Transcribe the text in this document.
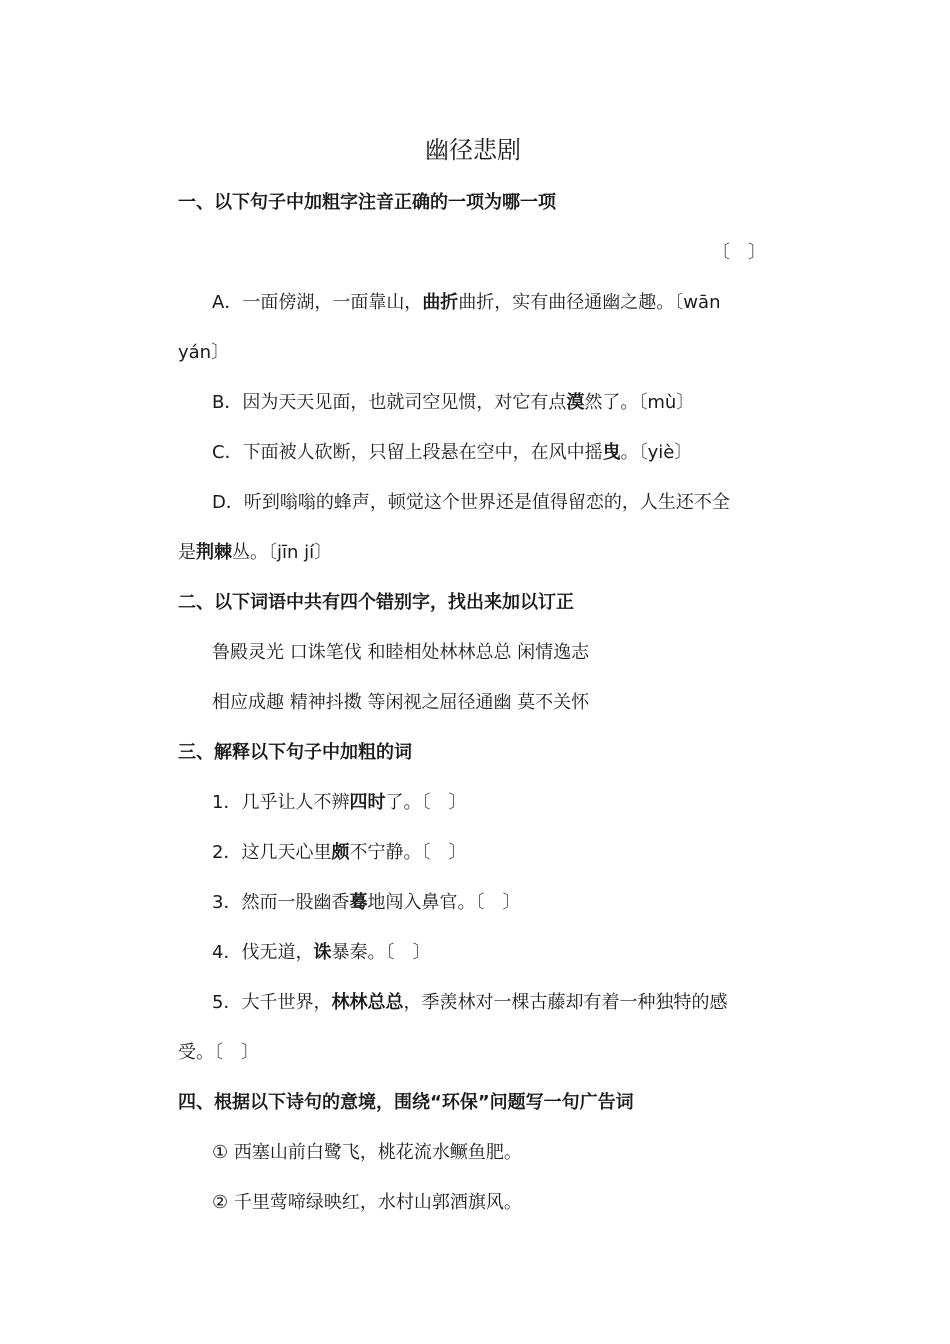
幽径悲剧
一、以下句子中加粗字注音正确的一项为哪一项
〔　〕
A．一面傍湖，一面靠山，曲折曲折，实有曲径通幽之趣。〔wān
yán〕
B．因为天天见面，也就司空见惯，对它有点漠然了。〔mù〕
C．下面被人砍断，只留上段悬在空中，在风中摇曳。〔yiè〕
D．听到嗡嗡的蜂声，顿觉这个世界还是值得留恋的，人生还不全
是荆棘丛。〔jīn jí〕
二、以下词语中共有四个错别字，找出来加以订正
鲁殿灵光 口诛笔伐 和睦相处林林总总 闲情逸志
相应成趣 精神抖擞 等闲视之屈径通幽 莫不关怀
三、解释以下句子中加粗的词
1．几乎让人不辨四时了。〔　〕
2．这几天心里颇不宁静。〔　〕
3．然而一股幽香蓦地闯入鼻官。〔　〕
4．伐无道，诛暴秦。〔　〕
5．大千世界，林林总总，季羡林对一棵古藤却有着一种独特的感
受。〔　〕
四、根据以下诗句的意境，围绕“环保”问题写一句广告词
① 西塞山前白鹭飞，桃花流水鳜鱼肥。
② 千里莺啼绿映红，水村山郭酒旗风。
